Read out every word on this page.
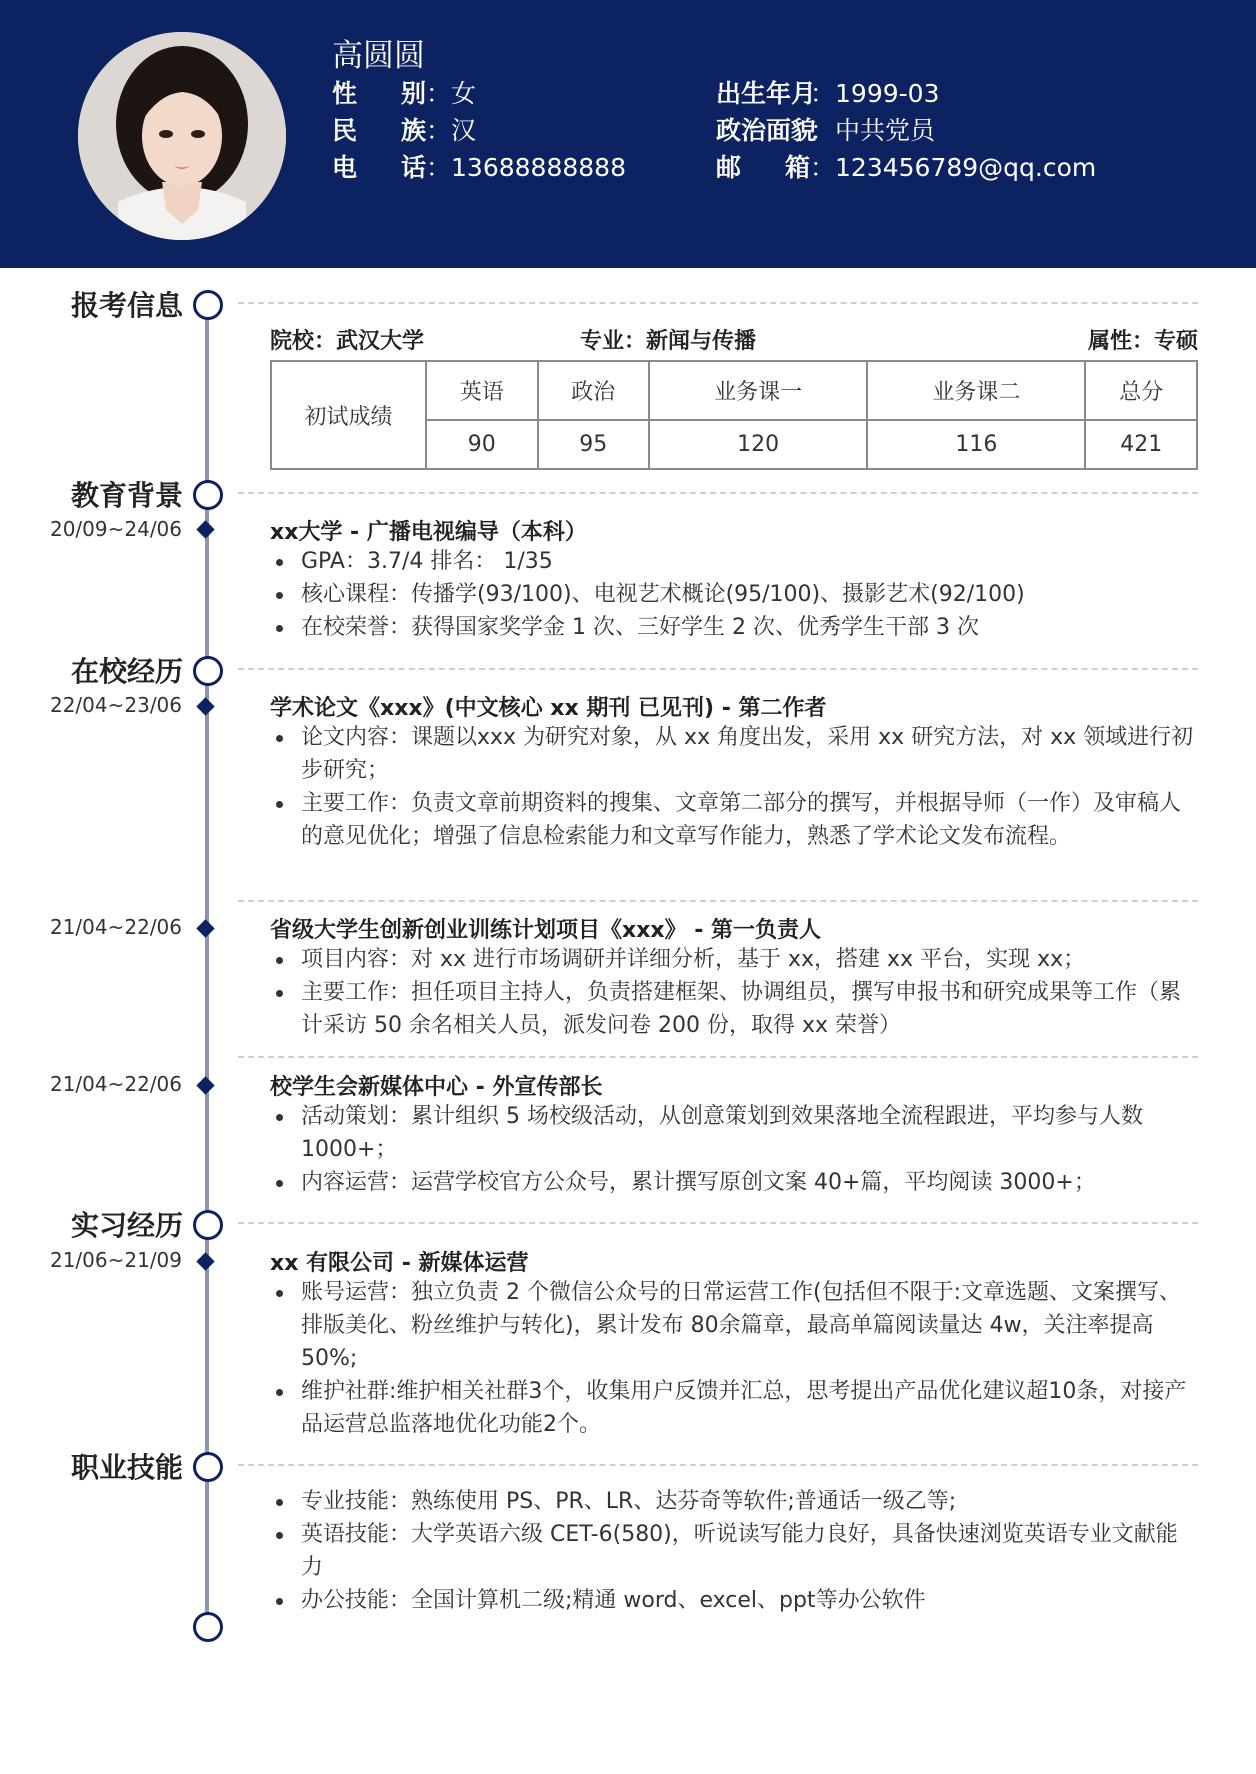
高圆圆
性 别 ：女
民 族 ：汉
电 话 ：13688888888
出生年月：1999-03
政治面貌：中共党员
邮 箱 ：123456789@qq.com
报考信息
院校：武汉大学	专业：新闻与传播	属性：专硕
初试成绩	英语	政治	业务课一	业务课二	总分
	90	95	120	116	421
教育背景
20/09~24/06	xx大学 - 广播电视编导（本科）
GPA：3.7/4 排名： 1/35
核心课程：传播学(93/100)、电视艺术概论(95/100)、摄影艺术(92/100)
在校荣誉：获得国家奖学金 1 次、三好学生 2 次、优秀学生干部 3 次
在校经历
22/04~23/06	学术论文《xxx》(中文核心 xx 期刊 已见刊) - 第二作者
论文内容：课题以xxx 为研究对象，从 xx 角度出发，采用 xx 研究方法，对 xx 领域进行初步研究；
主要工作：负责文章前期资料的搜集、文章第二部分的撰写，并根据导师（一作）及审稿人的意见优化；增强了信息检索能力和文章写作能力，熟悉了学术论文发布流程。
21/04~22/06	省级大学生创新创业训练计划项目《xxx》 - 第一负责人
项目内容：对 xx 进行市场调研并详细分析，基于 xx，搭建 xx 平台，实现 xx；
主要工作：担任项目主持人，负责搭建框架、协调组员，撰写申报书和研究成果等工作（累计采访 50 余名相关人员，派发问卷 200 份，取得 xx 荣誉）
21/04~22/06	校学生会新媒体中心 - 外宣传部长
活动策划：累计组织 5 场校级活动，从创意策划到效果落地全流程跟进，平均参与人数 1000+；
内容运营：运营学校官方公众号，累计撰写原创文案 40+篇，平均阅读 3000+；
实习经历
21/06~21/09	xx 有限公司 - 新媒体运营
账号运营：独立负责 2 个微信公众号的日常运营工作(包括但不限于:文章选题、文案撰写、排版美化、粉丝维护与转化)，累计发布 80余篇章，最高单篇阅读量达 4w，关注率提高 50%;
维护社群:维护相关社群3个，收集用户反馈并汇总，思考提出产品优化建议超10条，对接产品运营总监落地优化功能2个。
职业技能
专业技能：熟练使用 PS、PR、LR、达芬奇等软件;普通话一级乙等;
英语技能：大学英语六级 CET-6(580)，听说读写能力良好，具备快速浏览英语专业文献能力
办公技能：全国计算机二级;精通 word、excel、ppt等办公软件
